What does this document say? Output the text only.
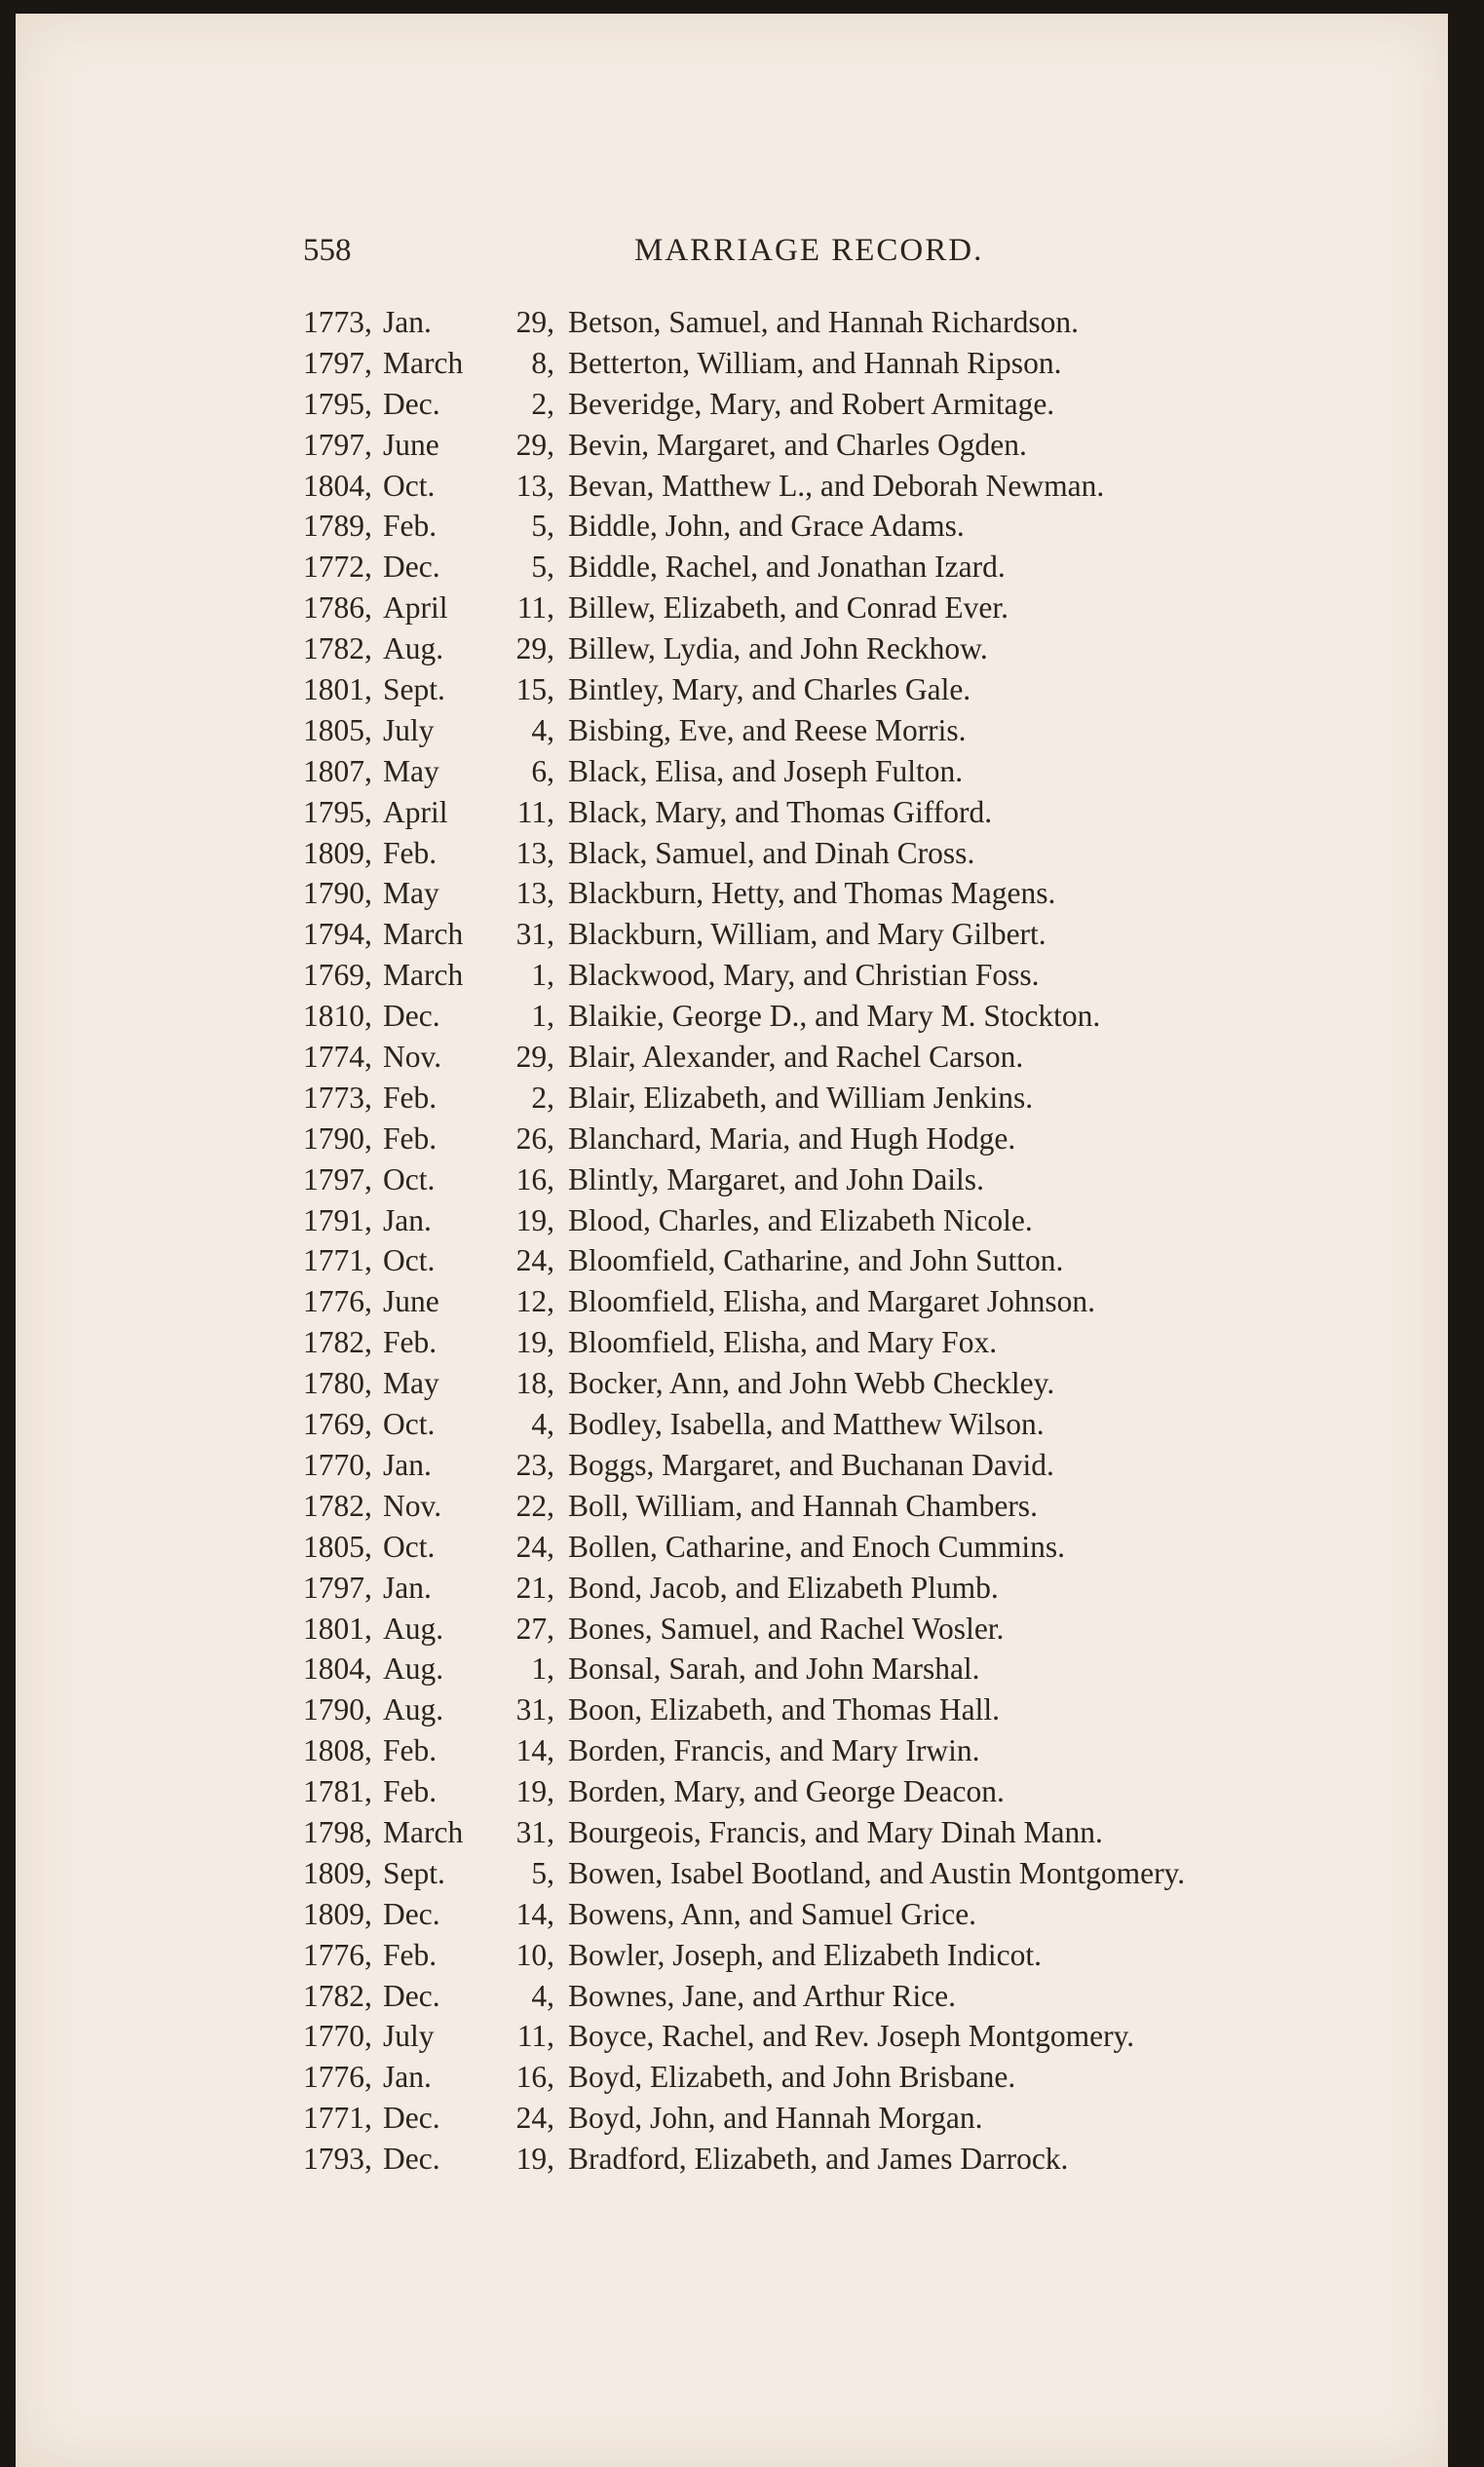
558	MARRIAGE RECORD.
1773, Jan.	29, Betson, Samuel, and Hannah Richardson.
1797, March	8, Betterton, William, and Hannah Ripson.
1795, Dec.	2, Beveridge, Mary, and Robert Armitage.
1797, June	29, Bevin, Margaret, and Charles Ogden.
1804, Oct.	13, Bevan, Matthew L., and Deborah Newman.
1789, Feb.	5, Biddle, John, and Grace Adams.
1772, Dec.	5, Biddle, Rachel, and Jonathan Izard.
1786, April	11, Billew, Elizabeth, and Conrad Ever.
1782, Aug.	29, Billew, Lydia, and John Reckhow.
1801, Sept.	15, Bintley, Mary, and Charles Gale.
1805, July	4, Bisbing, Eve, and Reese Morris.
1807, May	6, Black, Elisa, and Joseph Fulton.
1795, April	11, Black, Mary, and Thomas Gifford.
1809, Feb.	13, Black, Samuel, and Dinah Cross.
1790, May	13, Blackburn, Hetty, and Thomas Magens.
1794, March	31, Blackburn, William, and Mary Gilbert.
1769, March	1, Blackwood, Mary, and Christian Foss.
1810, Dec.	1, Blaikie, George D., and Mary M. Stockton.
1774, Nov.	29, Blair, Alexander, and Rachel Carson.
1773, Feb.	2, Blair, Elizabeth, and William Jenkins.
1790, Feb.	26, Blanchard, Maria, and Hugh Hodge.
1797, Oct.	16, Blintly, Margaret, and John Dails.
1791, Jan.	19, Blood, Charles, and Elizabeth Nicole.
1771, Oct.	24, Bloomfield, Catharine, and John Sutton.
1776, June	12, Bloomfield, Elisha, and Margaret Johnson.
1782, Feb.	19, Bloomfield, Elisha, and Mary Fox.
1780, May	18, Bocker, Ann, and John Webb Checkley.
1769, Oct.	4, Bodley, Isabella, and Matthew Wilson.
1770, Jan.	23, Boggs, Margaret, and Buchanan David.
1782, Nov.	22, Boll, William, and Hannah Chambers.
1805, Oct.	24, Bollen, Catharine, and Enoch Cummins.
1797, Jan.	21, Bond, Jacob, and Elizabeth Plumb.
1801, Aug.	27, Bones, Samuel, and Rachel Wosler.
1804, Aug.	1, Bonsal, Sarah, and John Marshal.
1790, Aug.	31, Boon, Elizabeth, and Thomas Hall.
1808, Feb.	14, Borden, Francis, and Mary Irwin.
1781, Feb.	19, Borden, Mary, and George Deacon.
1798, March	31, Bourgeois, Francis, and Mary Dinah Mann.
1809, Sept.	5, Bowen, Isabel Bootland, and Austin Montgomery.
1809, Dec.	14, Bowens, Ann, and Samuel Grice.
1776, Feb.	10, Bowler, Joseph, and Elizabeth Indicot.
1782, Dec.	4, Bownes, Jane, and Arthur Rice.
1770, July	11, Boyce, Rachel, and Rev. Joseph Montgomery.
1776, Jan.	16, Boyd, Elizabeth, and John Brisbane.
1771, Dec.	24, Boyd, John, and Hannah Morgan.
1793, Dec.	19, Bradford, Elizabeth, and James Darrock.
